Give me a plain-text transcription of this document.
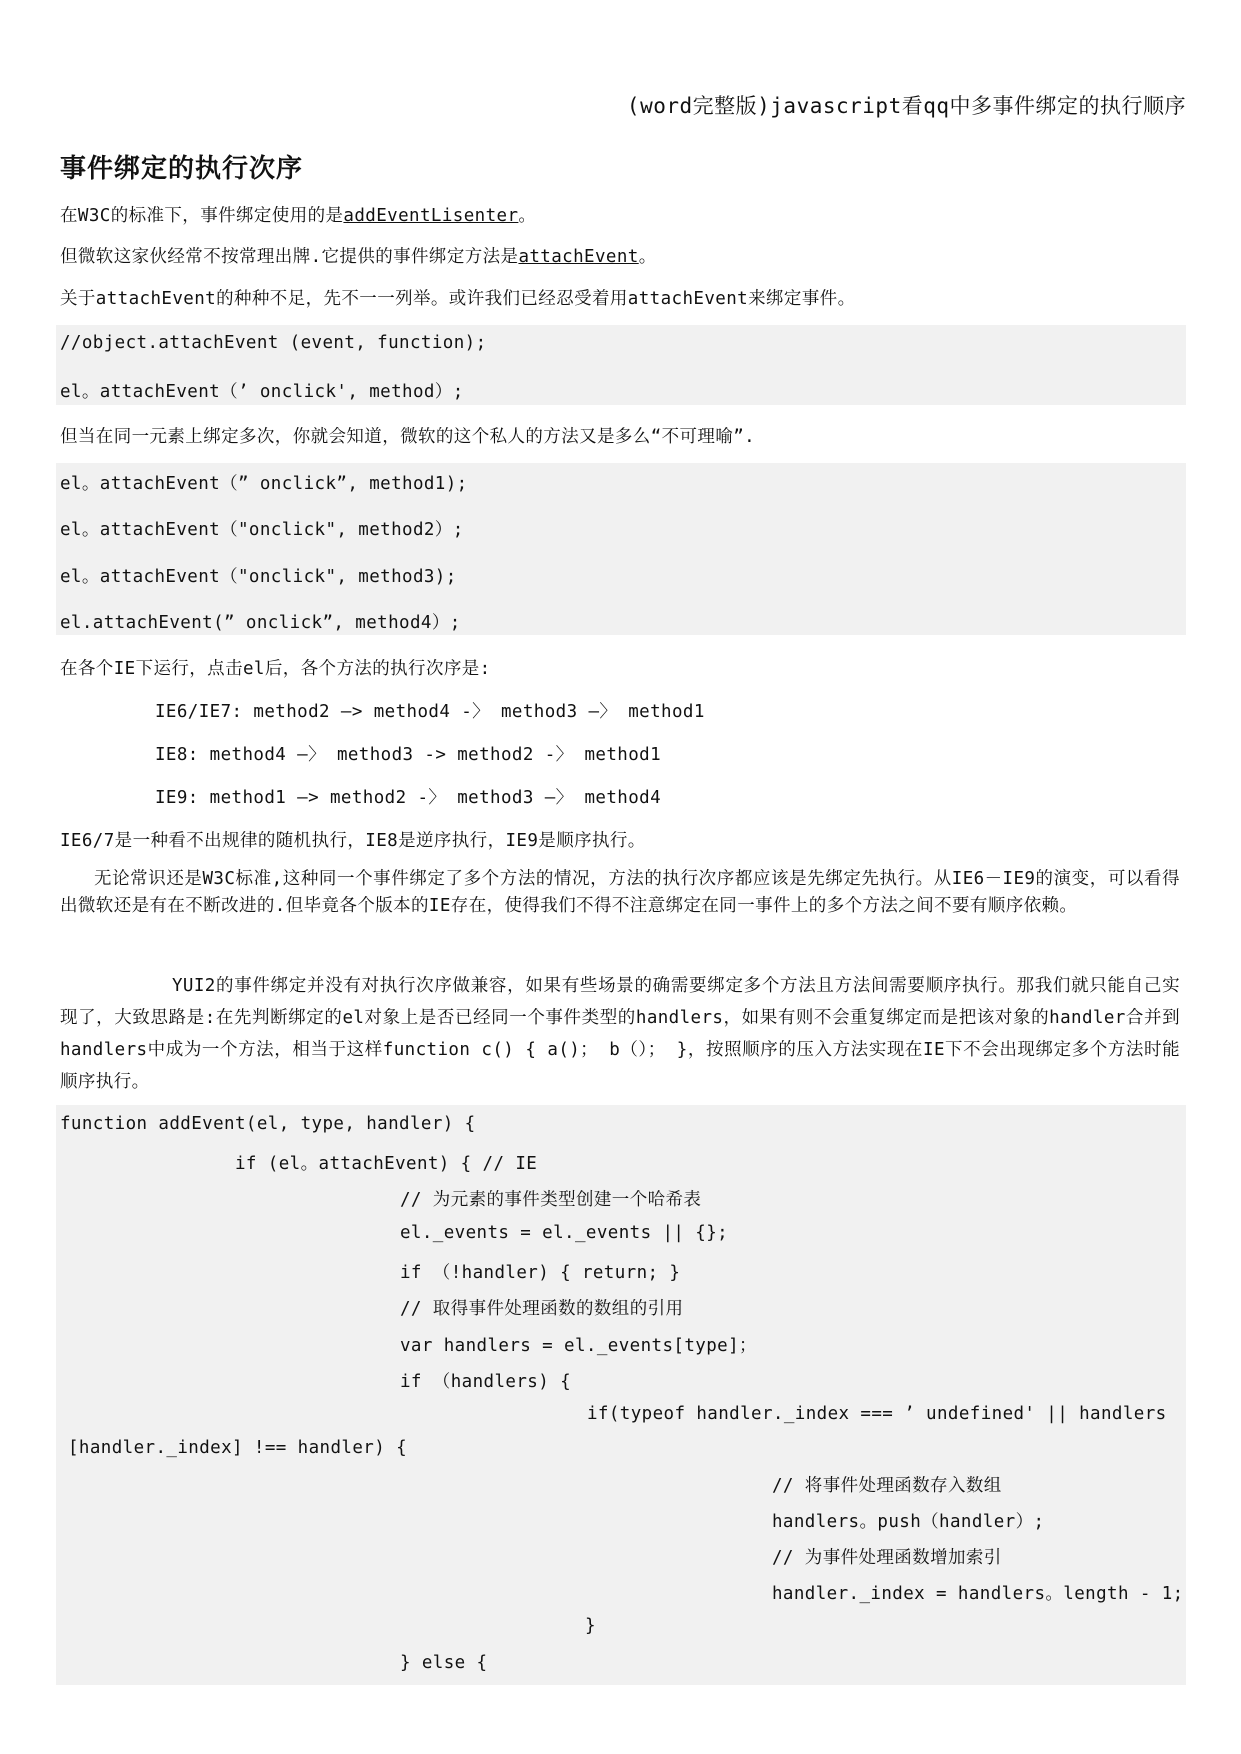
(word完整版)javascript看qq中多事件绑定的执行顺序
事件绑定的执行次序
在W3C的标准下，事件绑定使用的是addEventLisenter。
但微软这家伙经常不按常理出牌.它提供的事件绑定方法是attachEvent。
关于attachEvent的种种不足，先不一一列举。或许我们已经忍受着用attachEvent来绑定事件。
//object.attachEvent (event, function);
el。attachEvent（’ onclick', method）;
但当在同一元素上绑定多次，你就会知道，微软的这个私人的方法又是多么“不可理喻”.
el。attachEvent（” onclick”, method1);
el。attachEvent（"onclick", method2）;
el。attachEvent（"onclick", method3);
el.attachEvent(” onclick”, method4）;
在各个IE下运行，点击el后，各个方法的执行次序是:
IE6/IE7: method2 —> method4 -〉 method3 —〉 method1
IE8: method4 —〉 method3 -> method2 -〉 method1
IE9: method1 —> method2 -〉 method3 —〉 method4
IE6/7是一种看不出规律的随机执行，IE8是逆序执行，IE9是顺序执行。
无论常识还是W3C标准,这种同一个事件绑定了多个方法的情况，方法的执行次序都应该是先绑定先执行。从IE6－IE9的演变，可以看得出微软还是有在不断改进的.但毕竟各个版本的IE存在，使得我们不得不注意绑定在同一事件上的多个方法之间不要有顺序依赖。
YUI2的事件绑定并没有对执行次序做兼容，如果有些场景的确需要绑定多个方法且方法间需要顺序执行。那我们就只能自己实现了，大致思路是:在先判断绑定的el对象上是否已经同一个事件类型的handlers，如果有则不会重复绑定而是把该对象的handler合并到handlers中成为一个方法，相当于这样function c() { a()； b（）； }，按照顺序的压入方法实现在IE下不会出现绑定多个方法时能顺序执行。
function addEvent(el, type, handler) {
if (el。attachEvent) { // IE
// 为元素的事件类型创建一个哈希表
el._events = el._events || {};
if （!handler) { return; }
// 取得事件处理函数的数组的引用
var handlers = el._events[type]；
if （handlers) {
if(typeof handler._index === ’ undefined' || handlers
[handler._index] !== handler) {
// 将事件处理函数存入数组
handlers。push（handler）;
// 为事件处理函数增加索引
handler._index = handlers。length - 1;
}
} else {
